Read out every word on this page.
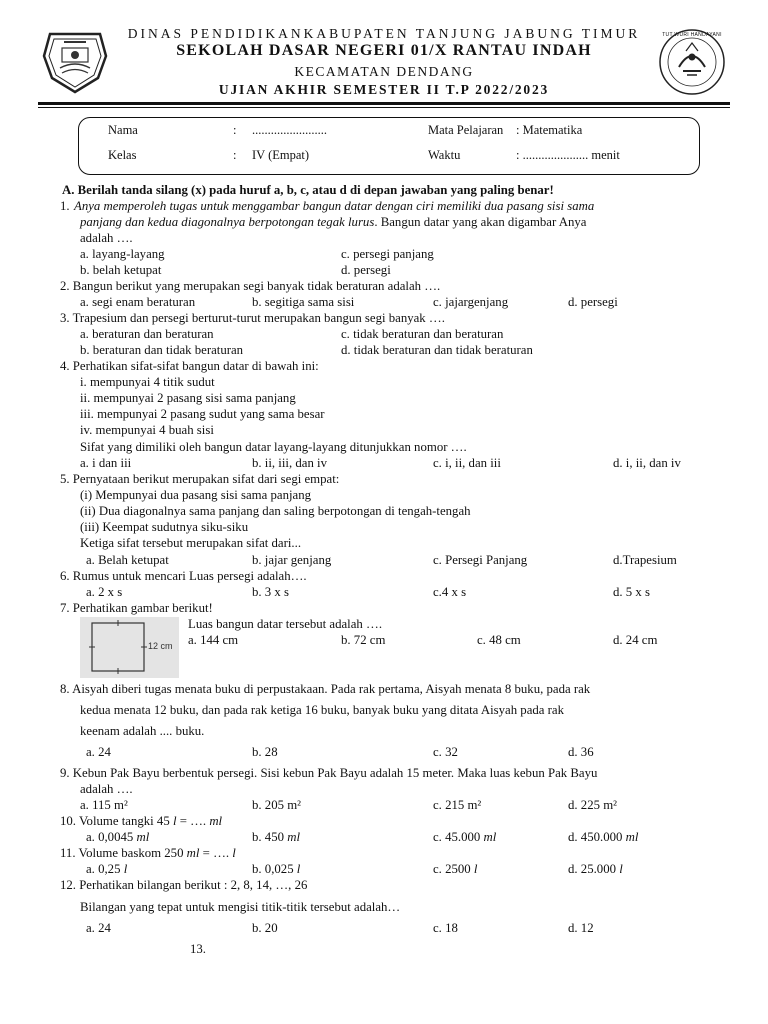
DINAS PENDIDIKANKABUPATEN TANJUNG JABUNG TIMUR
SEKOLAH DASAR NEGERI 01/X RANTAU INDAH
KECAMATAN DENDANG
UJIAN AKHIR SEMESTER II T.P 2022/2023
TUT WURI HANDAYANI
Nama	: ........................	Mata Pelajaran : Matematika
Kelas	: IV (Empat)	Waktu	: ..................... menit
A. Berilah tanda silang (x) pada huruf a, b, c, atau d di depan jawaban yang paling benar!
1. Anya memperoleh tugas untuk menggambar bangun datar dengan ciri memiliki dua pasang sisi sama
panjang dan kedua diagonalnya berpotongan tegak lurus. Bangun datar yang akan digambar Anya
adalah ….
a. layang-layang	c. persegi panjang
b. belah ketupat	d. persegi
2. Bangun berikut yang merupakan segi banyak tidak beraturan adalah ….
a. segi enam beraturan	b. segitiga sama sisi	c. jajargenjang	d. persegi
3. Trapesium dan persegi berturut-turut merupakan bangun segi banyak ….
a. beraturan dan beraturan	c. tidak beraturan dan beraturan
b. beraturan dan tidak beraturan	d. tidak beraturan dan tidak beraturan
4. Perhatikan sifat-sifat bangun datar di bawah ini:
i. mempunyai 4 titik sudut
ii. mempunyai 2 pasang sisi sama panjang
iii. mempunyai 2 pasang sudut yang sama besar
iv. mempunyai 4 buah sisi
Sifat yang dimiliki oleh bangun datar layang-layang ditunjukkan nomor ….
a. i dan iii	b. ii, iii, dan iv	c. i, ii, dan iii	d. i, ii, dan iv
5. Pernyataan berikut merupakan sifat dari segi empat:
(i) Mempunyai dua pasang sisi sama panjang
(ii) Dua diagonalnya sama panjang dan saling berpotongan di tengah-tengah
(iii) Keempat sudutnya siku-siku
Ketiga sifat tersebut merupakan sifat dari...
a. Belah ketupat	b. jajar genjang	c. Persegi Panjang	d.Trapesium
6. Rumus untuk mencari Luas persegi adalah….
a. 2 x s	b. 3 x s	c.4 x s	d. 5 x s
7. Perhatikan gambar berikut!
12 cm
Luas bangun datar tersebut adalah ….
a. 144 cm	b. 72 cm	c. 48 cm	d. 24 cm
8. Aisyah diberi tugas menata buku di perpustakaan. Pada rak pertama, Aisyah menata 8 buku, pada rak
kedua menata 12 buku, dan pada rak ketiga 16 buku, banyak buku yang ditata Aisyah pada rak
keenam adalah .... buku.
a. 24	b. 28	c. 32	d. 36
9. Kebun Pak Bayu berbentuk persegi. Sisi kebun Pak Bayu adalah 15 meter. Maka luas kebun Pak Bayu
adalah ….
a. 115 m²	b. 205 m²	c. 215 m²	d. 225 m²
10. Volume tangki 45 l = …. ml
a. 0,0045 ml	b. 450 ml	c. 45.000 ml	d. 450.000 ml
11. Volume baskom 250 ml = …. l
a. 0,25 l	b. 0,025 l	c. 2500 l	d. 25.000 l
12. Perhatikan bilangan berikut : 2, 8, 14, …, 26
Bilangan yang tepat untuk mengisi titik-titik tersebut adalah…
a. 24	b. 20	c. 18	d. 12
13.
